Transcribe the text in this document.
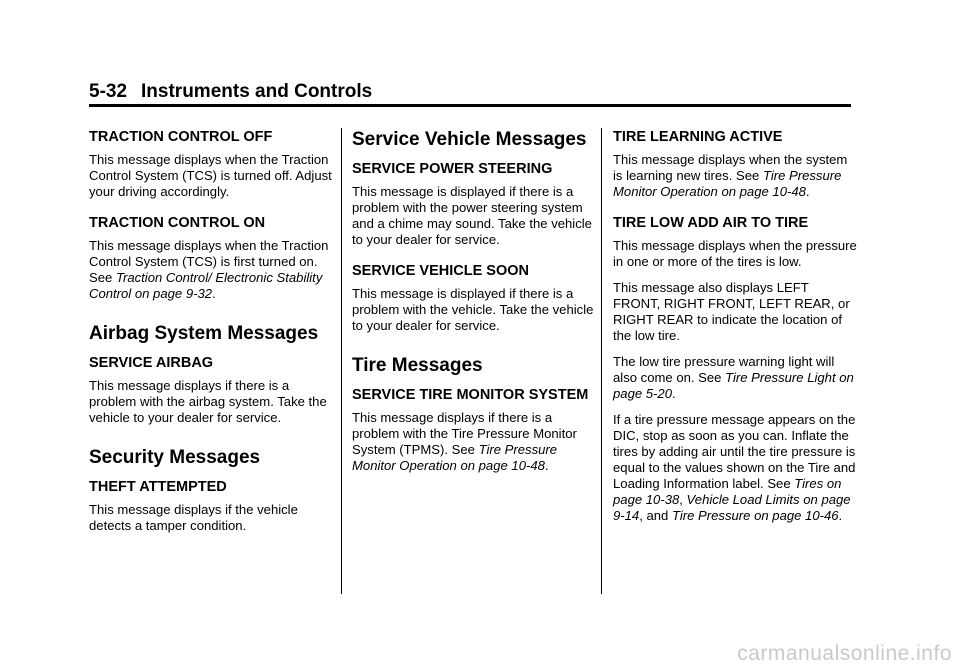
5-32 Instruments and Controls
TRACTION CONTROL OFF

This message displays when the Traction Control System (TCS) is turned off. Adjust your driving accordingly.

TRACTION CONTROL ON

This message displays when the Traction Control System (TCS) is first turned on. See Traction Control/ Electronic Stability Control on page 9-32.

Airbag System Messages
SERVICE AIRBAG

This message displays if there is a problem with the airbag system. Take the vehicle to your dealer for service.

Security Messages
THEFT ATTEMPTED

This message displays if the vehicle detects a tamper condition.

Service Vehicle Messages
SERVICE POWER STEERING

This message is displayed if there is a problem with the power steering system and a chime may sound. Take the vehicle to your dealer for service.

SERVICE VEHICLE SOON

This message is displayed if there is a problem with the vehicle. Take the vehicle to your dealer for service.

Tire Messages
SERVICE TIRE MONITOR SYSTEM

This message displays if there is a problem with the Tire Pressure Monitor System (TPMS). See Tire Pressure Monitor Operation on page 10-48.

TIRE LEARNING ACTIVE

This message displays when the system is learning new tires. See Tire Pressure Monitor Operation on page 10-48.

TIRE LOW ADD AIR TO TIRE

This message displays when the pressure in one or more of the tires is low.

This message also displays LEFT FRONT, RIGHT FRONT, LEFT REAR, or RIGHT REAR to indicate the location of the low tire.

The low tire pressure warning light will also come on. See Tire Pressure Light on page 5-20.

If a tire pressure message appears on the DIC, stop as soon as you can. Inflate the tires by adding air until the tire pressure is equal to the values shown on the Tire and Loading Information label. See Tires on page 10-38, Vehicle Load Limits on page 9-14, and Tire Pressure on page 10-46.

carmanualsonline.info
